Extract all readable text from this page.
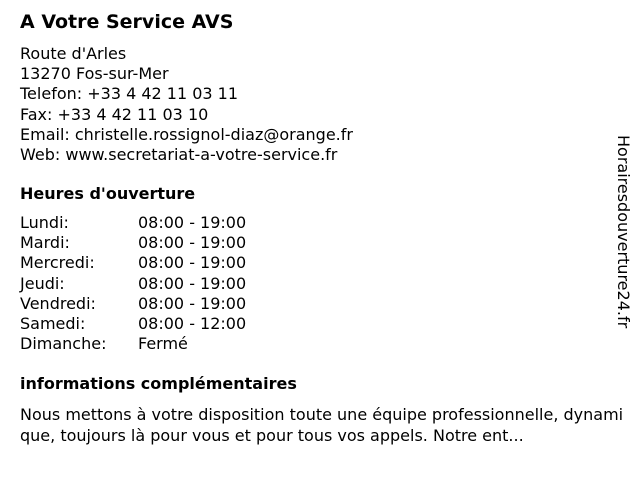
A Votre Service AVS
Route d'Arles
13270 Fos-sur-Mer
Telefon: +33 4 42 11 03 11
Fax: +33 4 42 11 03 10
Email: christelle.rossignol-diaz@orange.fr
Web: www.secretariat-a-votre-service.fr
Heures d'ouverture
Lundi:	08:00 - 19:00
Mardi:	08:00 - 19:00
Mercredi:	08:00 - 19:00
Jeudi:	08:00 - 19:00
Vendredi:	08:00 - 19:00
Samedi:	08:00 - 12:00
Dimanche:	Fermé
informations complémentaires
Nous mettons à votre disposition toute une équipe professionnelle, dynamique, toujours là pour vous et pour tous vos appels. Notre ent...
Horairesdouverture24.fr
